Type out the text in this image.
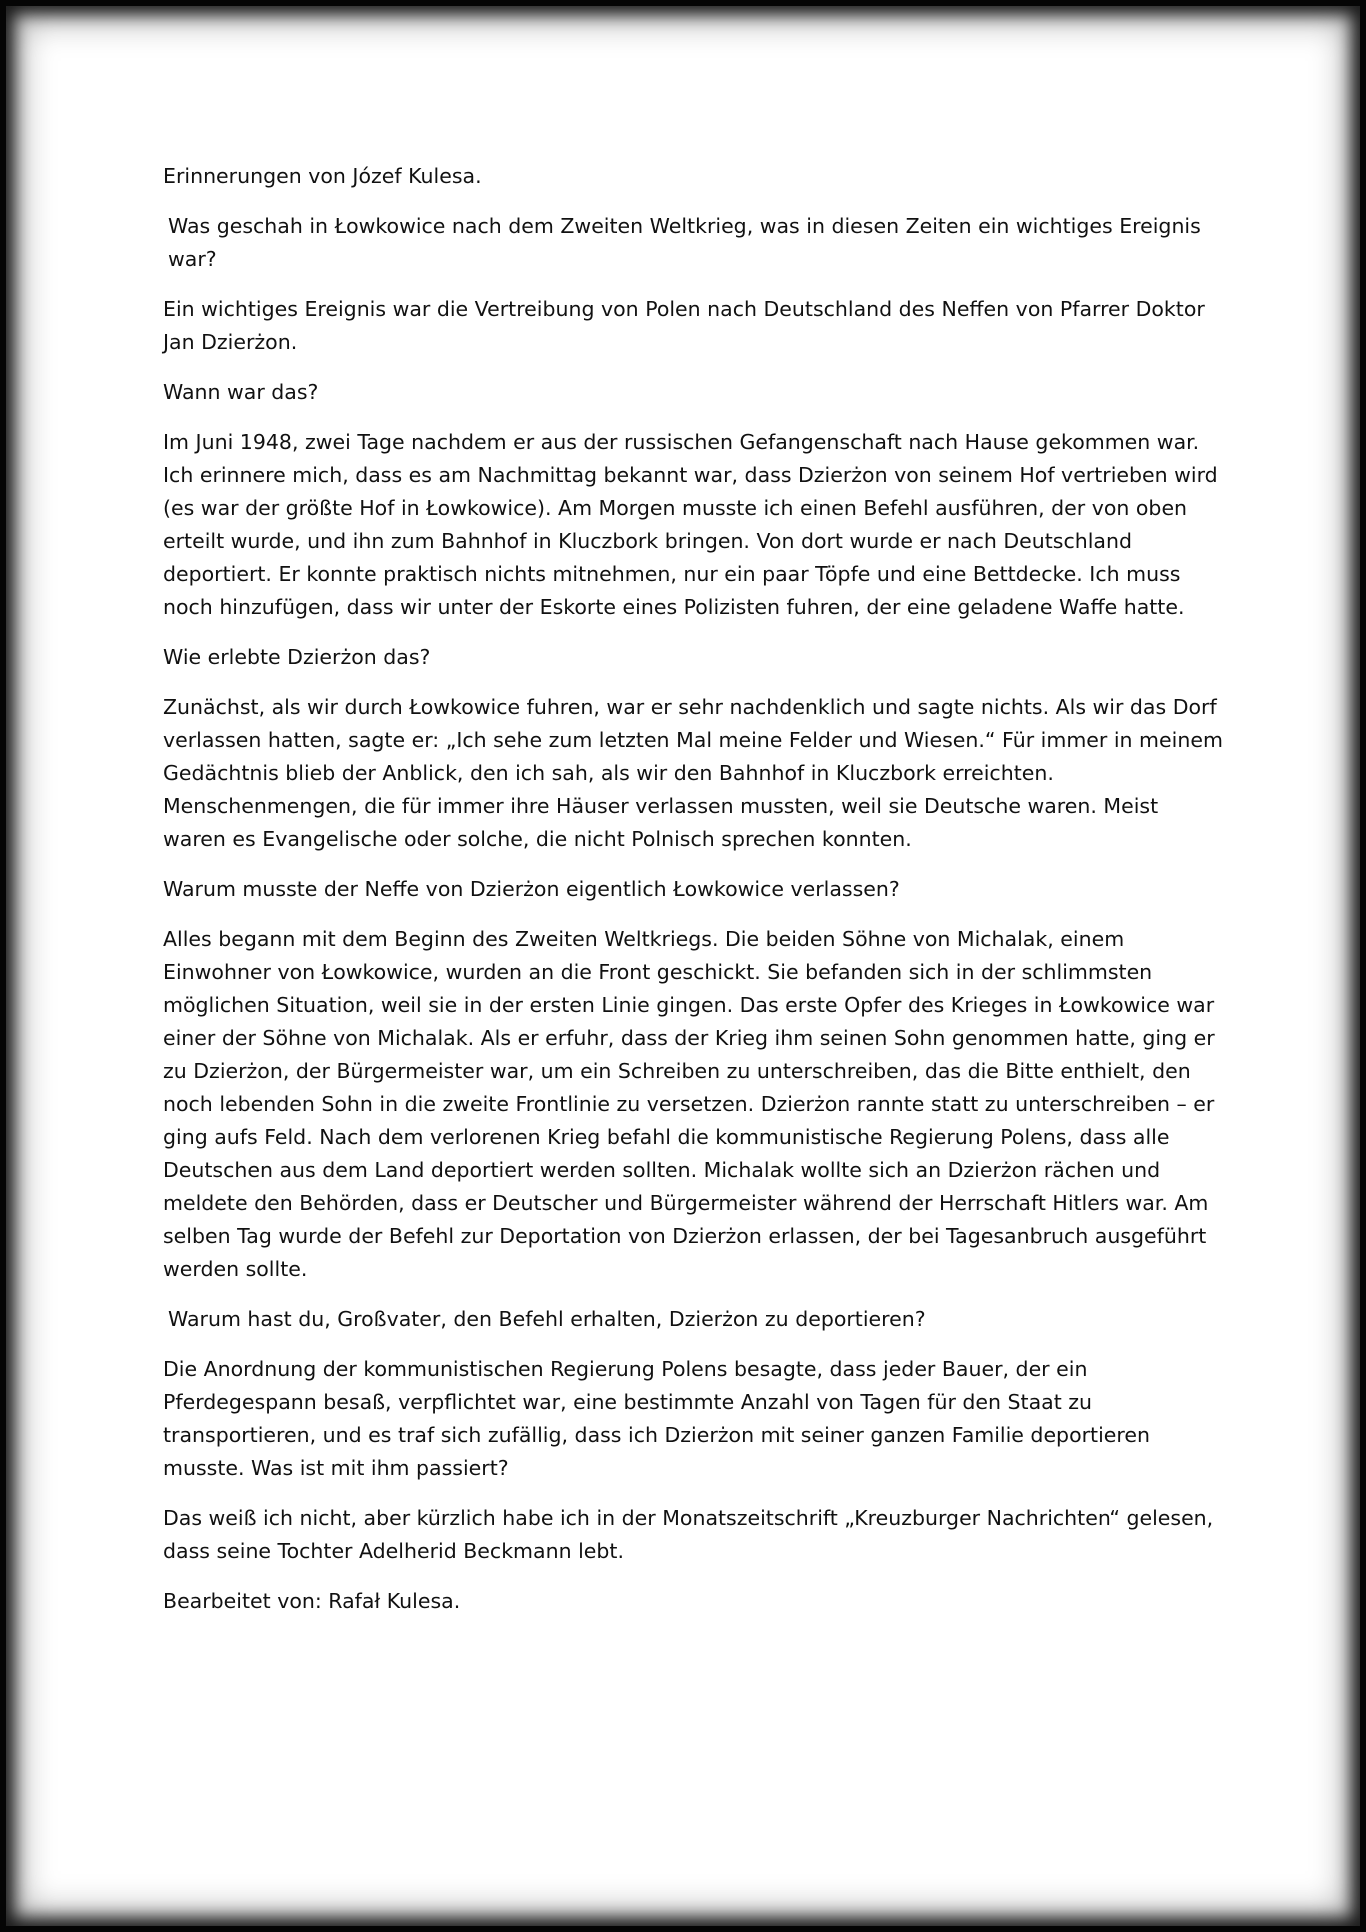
Erinnerungen von Józef Kulesa.

Was geschah in Łowkowice nach dem Zweiten Weltkrieg, was in diesen Zeiten ein wichtiges Ereignis war?

Ein wichtiges Ereignis war die Vertreibung von Polen nach Deutschland des Neffen von Pfarrer Doktor Jan Dzierżon.

Wann war das?

Im Juni 1948, zwei Tage nachdem er aus der russischen Gefangenschaft nach Hause gekommen war. Ich erinnere mich, dass es am Nachmittag bekannt war, dass Dzierżon von seinem Hof vertrieben wird (es war der größte Hof in Łowkowice). Am Morgen musste ich einen Befehl ausführen, der von oben erteilt wurde, und ihn zum Bahnhof in Kluczbork bringen. Von dort wurde er nach Deutschland deportiert. Er konnte praktisch nichts mitnehmen, nur ein paar Töpfe und eine Bettdecke. Ich muss noch hinzufügen, dass wir unter der Eskorte eines Polizisten fuhren, der eine geladene Waffe hatte.

Wie erlebte Dzierżon das?

Zunächst, als wir durch Łowkowice fuhren, war er sehr nachdenklich und sagte nichts. Als wir das Dorf verlassen hatten, sagte er: „Ich sehe zum letzten Mal meine Felder und Wiesen.“ Für immer in meinem Gedächtnis blieb der Anblick, den ich sah, als wir den Bahnhof in Kluczbork erreichten. Menschenmengen, die für immer ihre Häuser verlassen mussten, weil sie Deutsche waren. Meist waren es Evangelische oder solche, die nicht Polnisch sprechen konnten.

Warum musste der Neffe von Dzierżon eigentlich Łowkowice verlassen?

Alles begann mit dem Beginn des Zweiten Weltkriegs. Die beiden Söhne von Michalak, einem Einwohner von Łowkowice, wurden an die Front geschickt. Sie befanden sich in der schlimmsten möglichen Situation, weil sie in der ersten Linie gingen. Das erste Opfer des Krieges in Łowkowice war einer der Söhne von Michalak. Als er erfuhr, dass der Krieg ihm seinen Sohn genommen hatte, ging er zu Dzierżon, der Bürgermeister war, um ein Schreiben zu unterschreiben, das die Bitte enthielt, den noch lebenden Sohn in die zweite Frontlinie zu versetzen. Dzierżon rannte statt zu unterschreiben – er ging aufs Feld. Nach dem verlorenen Krieg befahl die kommunistische Regierung Polens, dass alle Deutschen aus dem Land deportiert werden sollten. Michalak wollte sich an Dzierżon rächen und meldete den Behörden, dass er Deutscher und Bürgermeister während der Herrschaft Hitlers war. Am selben Tag wurde der Befehl zur Deportation von Dzierżon erlassen, der bei Tagesanbruch ausgeführt werden sollte.

Warum hast du, Großvater, den Befehl erhalten, Dzierżon zu deportieren?

Die Anordnung der kommunistischen Regierung Polens besagte, dass jeder Bauer, der ein Pferdegespann besaß, verpflichtet war, eine bestimmte Anzahl von Tagen für den Staat zu transportieren, und es traf sich zufällig, dass ich Dzierżon mit seiner ganzen Familie deportieren musste. Was ist mit ihm passiert?

Das weiß ich nicht, aber kürzlich habe ich in der Monatszeitschrift „Kreuzburger Nachrichten“ gelesen, dass seine Tochter Adelherid Beckmann lebt.

Bearbeitet von: Rafał Kulesa.
